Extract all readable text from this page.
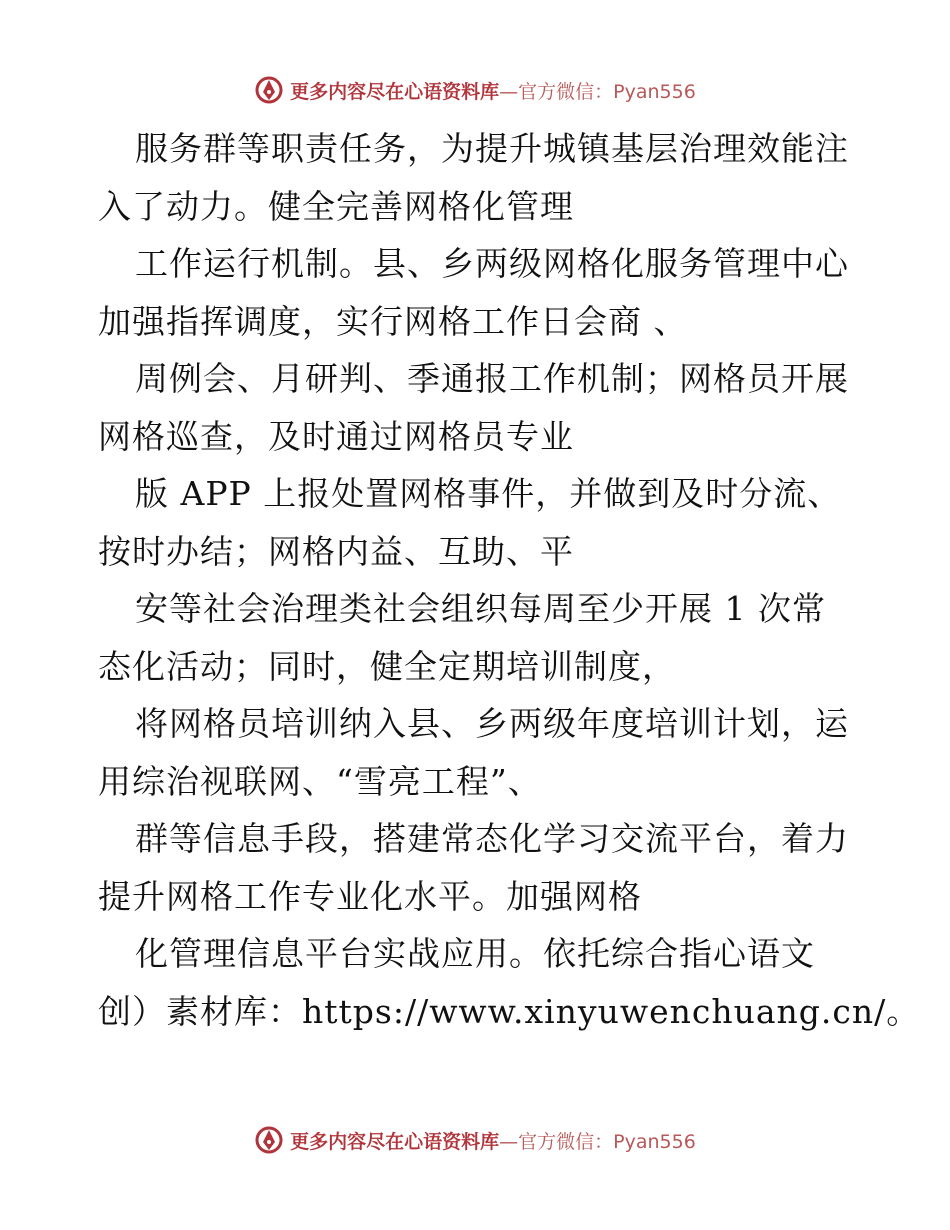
更多内容尽在心语资料库 —官方微信：Pyan556
服务群等职责任务，为提升城镇基层治理效能注
入了动力。健全完善网格化管理
工作运行机制。县、乡两级网格化服务管理中心
加强指挥调度，实行网格工作日会商 、
周例会、月研判、季通报工作机制；网格员开展
网格巡查，及时通过网格员专业
版 APP 上报处置网格事件，并做到及时分流、
按时办结；网格内益、互助、平
安等社会治理类社会组织每周至少开展 1 次常
态化活动；同时，健全定期培训制度，
将网格员培训纳入县、乡两级年度培训计划，运
用综治视联网、“雪亮工程”、
群等信息手段，搭建常态化学习交流平台，着力
提升网格工作专业化水平。加强网格
化管理信息平台实战应用。依托综合指心语文
创）素材库：https://www.xinyuwenchuang.cn/。
更多内容尽在心语资料库 —官方微信：Pyan556
